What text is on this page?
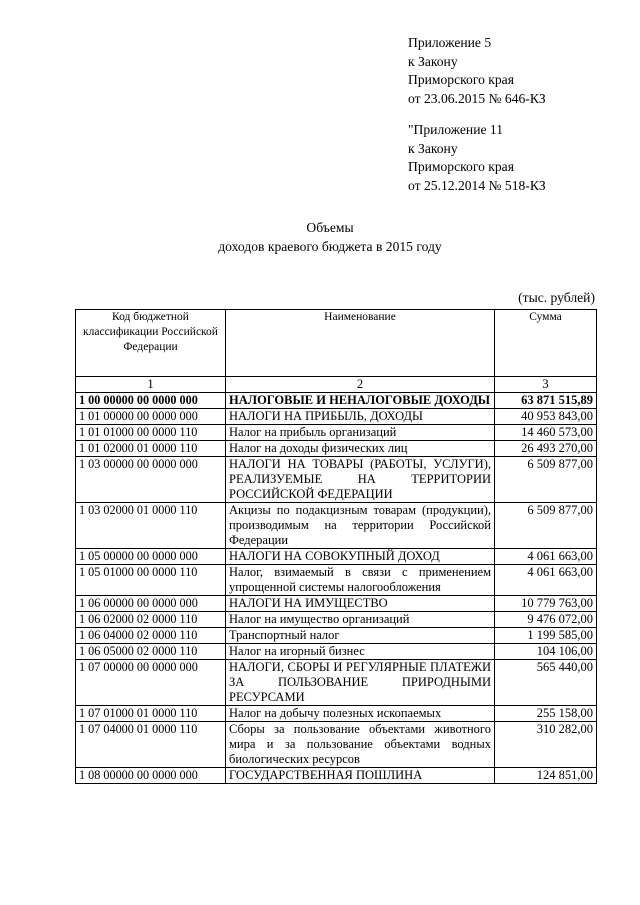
Приложение 5
к Закону
Приморского края
от 23.06.2015 № 646-КЗ
"Приложение 11
к Закону
Приморского края
от 25.12.2014 № 518-КЗ
Объемы
доходов краевого бюджета в 2015 году
(тыс. рублей)
Код бюджетной классификации Российской Федерации	Наименование	Сумма
1	2	3
1 00 00000 00 0000 000	НАЛОГОВЫЕ И НЕНАЛОГОВЫЕ ДОХОДЫ	63 871 515,89
1 01 00000 00 0000 000	НАЛОГИ НА ПРИБЫЛЬ, ДОХОДЫ	40 953 843,00
1 01 01000 00 0000 110	Налог на прибыль организаций	14 460 573,00
1 01 02000 01 0000 110	Налог на доходы физических лиц	26 493 270,00
1 03 00000 00 0000 000	НАЛОГИ НА ТОВАРЫ (РАБОТЫ, УСЛУГИ), РЕАЛИЗУЕМЫЕ НА ТЕРРИТОРИИ РОССИЙСКОЙ ФЕДЕРАЦИИ	6 509 877,00
1 03 02000 01 0000 110	Акцизы по подакцизным товарам (продукции), производимым на территории Российской Федерации	6 509 877,00
1 05 00000 00 0000 000	НАЛОГИ НА СОВОКУПНЫЙ ДОХОД	4 061 663,00
1 05 01000 00 0000 110	Налог, взимаемый в связи с применением упрощенной системы налогообложения	4 061 663,00
1 06 00000 00 0000 000	НАЛОГИ НА ИМУЩЕСТВО	10 779 763,00
1 06 02000 02 0000 110	Налог на имущество организаций	9 476 072,00
1 06 04000 02 0000 110	Транспортный налог	1 199 585,00
1 06 05000 02 0000 110	Налог на игорный бизнес	104 106,00
1 07 00000 00 0000 000	НАЛОГИ, СБОРЫ И РЕГУЛЯРНЫЕ ПЛАТЕЖИ ЗА ПОЛЬЗОВАНИЕ ПРИРОДНЫМИ РЕСУРСАМИ	565 440,00
1 07 01000 01 0000 110	Налог на добычу полезных ископаемых	255 158,00
1 07 04000 01 0000 110	Сборы за пользование объектами животного мира и за пользование объектами водных биологических ресурсов	310 282,00
1 08 00000 00 0000 000	ГОСУДАРСТВЕННАЯ ПОШЛИНА	124 851,00
